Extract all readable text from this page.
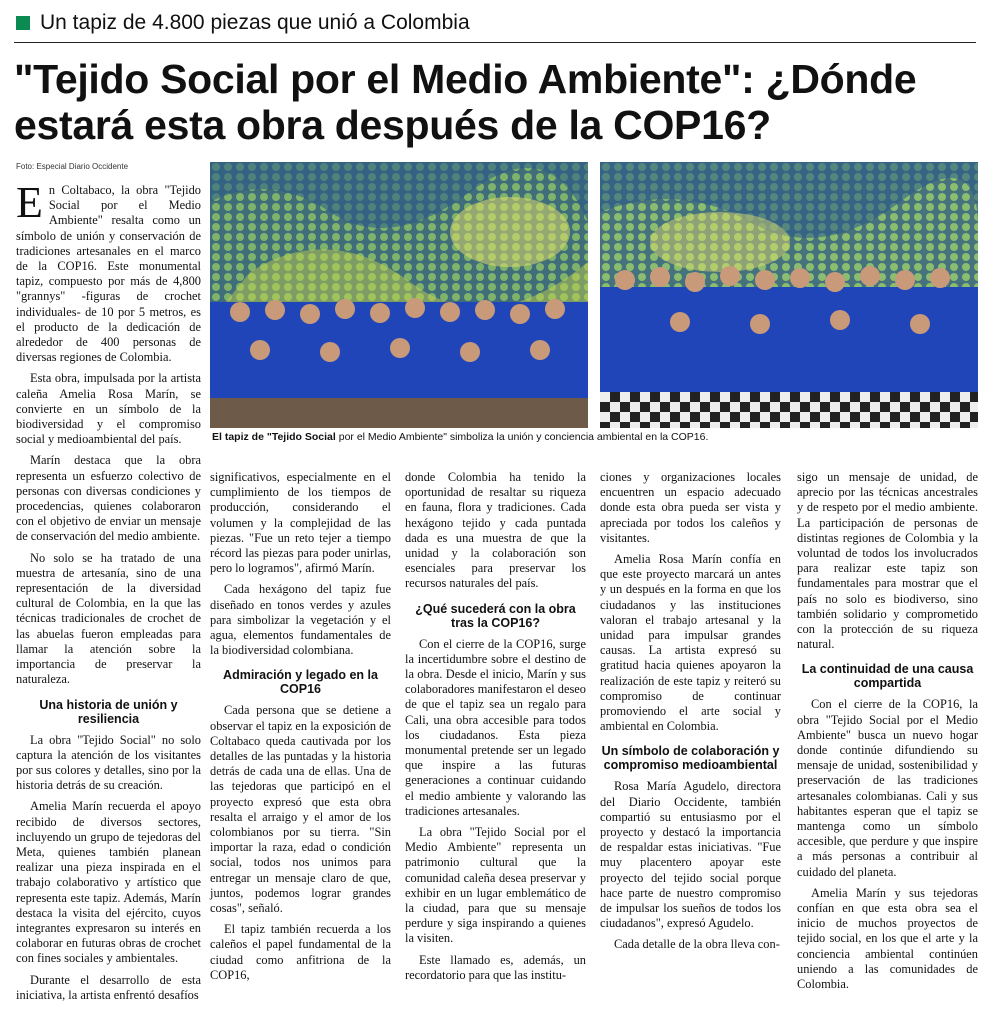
Un tapiz de 4.800 piezas que unió a Colombia
"Tejido Social por el Medio Ambiente": ¿Dónde estará esta obra después de la COP16?
Foto: Especial Diario Occidente

En Coltabaco, la obra "Tejido Social por el Medio Ambiente" resalta como un símbolo de unión y conservación de tradiciones artesanales en el marco de la COP16. Este monumental tapiz, compuesto por más de 4,800 "grannys" -figuras de crochet individuales- de 10 por 5 metros, es el producto de la dedicación de alrededor de 400 personas de diversas regiones de Colombia.

Esta obra, impulsada por la artista caleña Amelia Rosa Marín, se convierte en un símbolo de la biodiversidad y el compromiso social y medioambiental del país.

Marín destaca que la obra representa un esfuerzo colectivo de personas con diversas condiciones y procedencias, quienes colaboraron con el objetivo de enviar un mensaje de conservación del medio ambiente.

No solo se ha tratado de una muestra de artesanía, sino de una representación de la diversidad cultural de Colombia, en la que las técnicas tradicionales de crochet de las abuelas fueron empleadas para llamar la atención sobre la importancia de preservar la naturaleza.

Una historia de unión y resiliencia

La obra "Tejido Social" no solo captura la atención de los visitantes por sus colores y detalles, sino por la historia detrás de su creación.

Amelia Marín recuerda el apoyo recibido de diversos sectores, incluyendo un grupo de tejedoras del Meta, quienes también planean realizar una pieza inspirada en el trabajo colaborativo y artístico que representa este tapiz. Además, Marín destaca la visita del ejército, cuyos integrantes expresaron su interés en colaborar en futuras obras de crochet con fines sociales y ambientales.

Durante el desarrollo de esta iniciativa, la artista enfrentó desafíos

El tapiz de "Tejido Social por el Medio Ambiente" simboliza la unión y conciencia ambiental en la COP16.

significativos, especialmente en el cumplimiento de los tiempos de producción, considerando el volumen y la complejidad de las piezas. "Fue un reto tejer a tiempo récord las piezas para poder unirlas, pero lo logramos", afirmó Marín.

Cada hexágono del tapiz fue diseñado en tonos verdes y azules para simbolizar la vegetación y el agua, elementos fundamentales de la biodiversidad colombiana.

Admiración y legado en la COP16

Cada persona que se detiene a observar el tapiz en la exposición de Coltabaco queda cautivada por los detalles de las puntadas y la historia detrás de cada una de ellas. Una de las tejedoras que participó en el proyecto expresó que esta obra resalta el arraigo y el amor de los colombianos por su tierra. "Sin importar la raza, edad o condición social, todos nos unimos para entregar un mensaje claro de que, juntos, podemos lograr grandes cosas", señaló.

El tapiz también recuerda a los caleños el papel fundamental de la ciudad como anfitriona de la COP16,

donde Colombia ha tenido la oportunidad de resaltar su riqueza en fauna, flora y tradiciones. Cada hexágono tejido y cada puntada dada es una muestra de que la unidad y la colaboración son esenciales para preservar los recursos naturales del país.

¿Qué sucederá con la obra tras la COP16?

Con el cierre de la COP16, surge la incertidumbre sobre el destino de la obra. Desde el inicio, Marín y sus colaboradores manifestaron el deseo de que el tapiz sea un regalo para Cali, una obra accesible para todos los ciudadanos. Esta pieza monumental pretende ser un legado que inspire a las futuras generaciones a continuar cuidando el medio ambiente y valorando las tradiciones artesanales.

La obra "Tejido Social por el Medio Ambiente" representa un patrimonio cultural que la comunidad caleña desea preservar y exhibir en un lugar emblemático de la ciudad, para que su mensaje perdure y siga inspirando a quienes la visiten.

Este llamado es, además, un recordatorio para que las institu-

ciones y organizaciones locales encuentren un espacio adecuado donde esta obra pueda ser vista y apreciada por todos los caleños y visitantes.

Amelia Rosa Marín confía en que este proyecto marcará un antes y un después en la forma en que los ciudadanos y las instituciones valoran el trabajo artesanal y la unidad para impulsar grandes causas. La artista expresó su gratitud hacia quienes apoyaron la realización de este tapiz y reiteró su compromiso de continuar promoviendo el arte social y ambiental en Colombia.

Un símbolo de colaboración y compromiso medioambiental

Rosa María Agudelo, directora del Diario Occidente, también compartió su entusiasmo por el proyecto y destacó la importancia de respaldar estas iniciativas. "Fue muy placentero apoyar este proyecto del tejido social porque hace parte de nuestro compromiso de impulsar los sueños de todos los ciudadanos", expresó Agudelo.

Cada detalle de la obra lleva con-

sigo un mensaje de unidad, de aprecio por las técnicas ancestrales y de respeto por el medio ambiente. La participación de personas de distintas regiones de Colombia y la voluntad de todos los involucrados para realizar este tapiz son fundamentales para mostrar que el país no solo es biodiverso, sino también solidario y comprometido con la protección de su riqueza natural.

La continuidad de una causa compartida

Con el cierre de la COP16, la obra "Tejido Social por el Medio Ambiente" busca un nuevo hogar donde continúe difundiendo su mensaje de unidad, sostenibilidad y preservación de las tradiciones artesanales colombianas. Cali y sus habitantes esperan que el tapiz se mantenga como un símbolo accesible, que perdure y que inspire a más personas a contribuir al cuidado del planeta.

Amelia Marín y sus tejedoras confían en que esta obra sea el inicio de muchos proyectos de tejido social, en los que el arte y la conciencia ambiental continúen uniendo a las comunidades de Colombia.
